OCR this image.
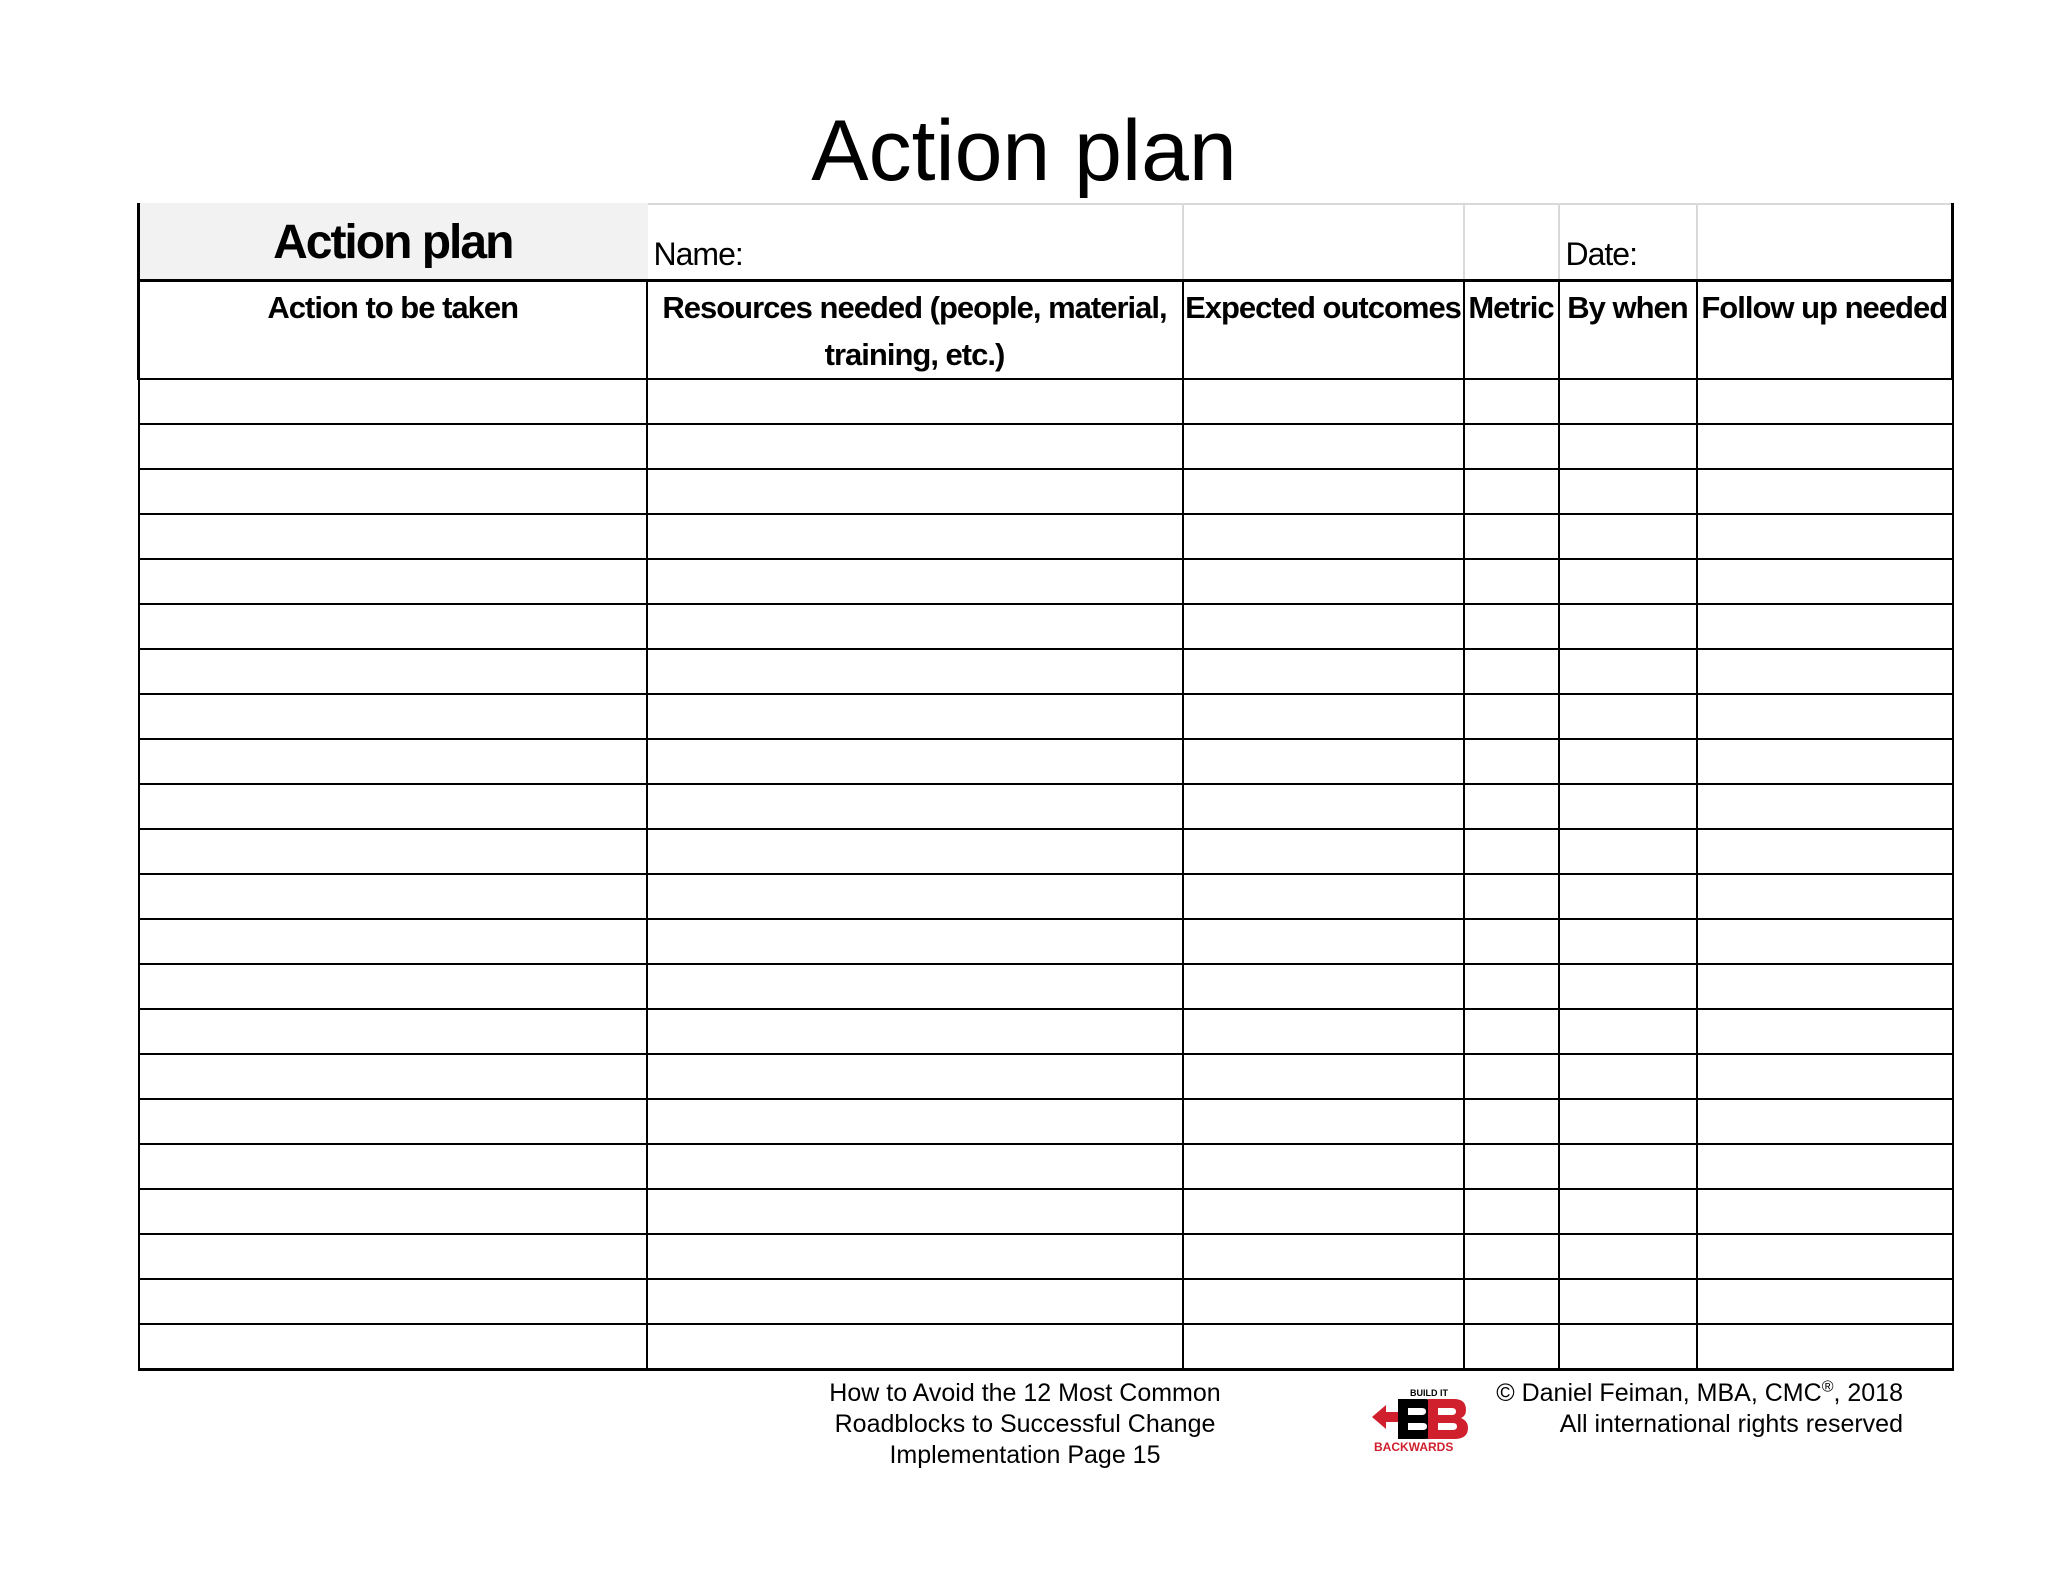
Action plan
Action plan	Name:			Date:	
Action to be taken	Resources needed (people, material, training, etc.)	Expected outcomes	Metric	By when	Follow up needed

How to Avoid the 12 Most Common
Roadblocks to Successful Change
Implementation Page 15
BUILD IT
BACKWARDS
© Daniel Feiman, MBA, CMC®, 2018
All international rights reserved
